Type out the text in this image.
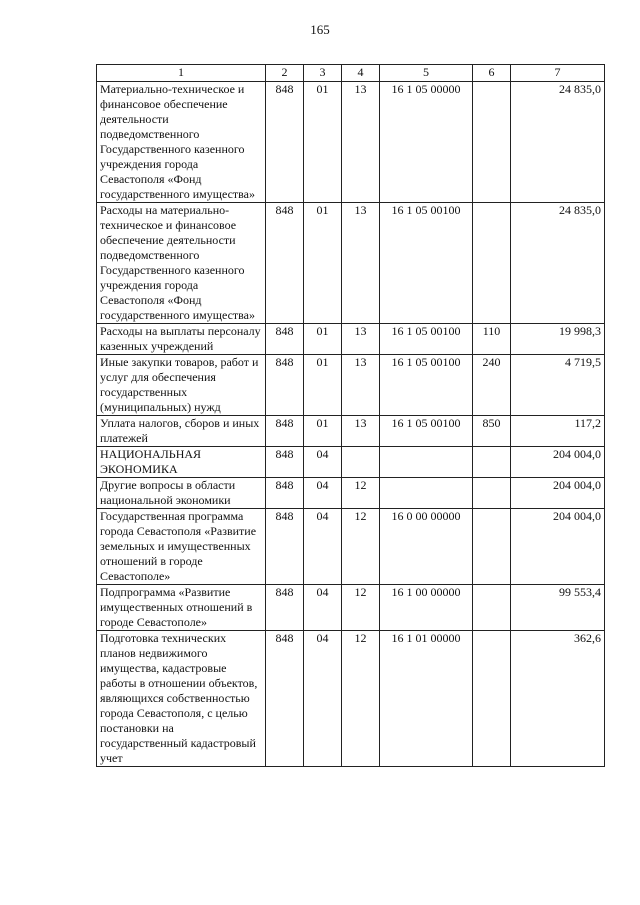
165
1	2	3	4	5	6	7
Материально-техническое и финансовое обеспечение деятельности подведомственного Государственного казенного учреждения города Севастополя «Фонд государственного имущества»	848	01	13	16 1 05 00000		24 835,0
Расходы на материально-техническое и финансовое обеспечение деятельности подведомственного Государственного казенного учреждения города Севастополя «Фонд государственного имущества»	848	01	13	16 1 05 00100		24 835,0
Расходы на выплаты персоналу казенных учреждений	848	01	13	16 1 05 00100	110	19 998,3
Иные закупки товаров, работ и услуг для обеспечения государственных (муниципальных) нужд	848	01	13	16 1 05 00100	240	4 719,5
Уплата налогов, сборов и иных платежей	848	01	13	16 1 05 00100	850	117,2
НАЦИОНАЛЬНАЯ ЭКОНОМИКА	848	04				204 004,0
Другие вопросы в области национальной экономики	848	04	12			204 004,0
Государственная программа города Севастополя «Развитие земельных и имущественных отношений в городе Севастополе»	848	04	12	16 0 00 00000		204 004,0
Подпрограмма «Развитие имущественных отношений в городе Севастополе»	848	04	12	16 1 00 00000		99 553,4
Подготовка технических планов недвижимого имущества, кадастровые работы в отношении объектов, являющихся собственностью города Севастополя, с целью постановки на государственный кадастровый учет	848	04	12	16 1 01 00000		362,6
